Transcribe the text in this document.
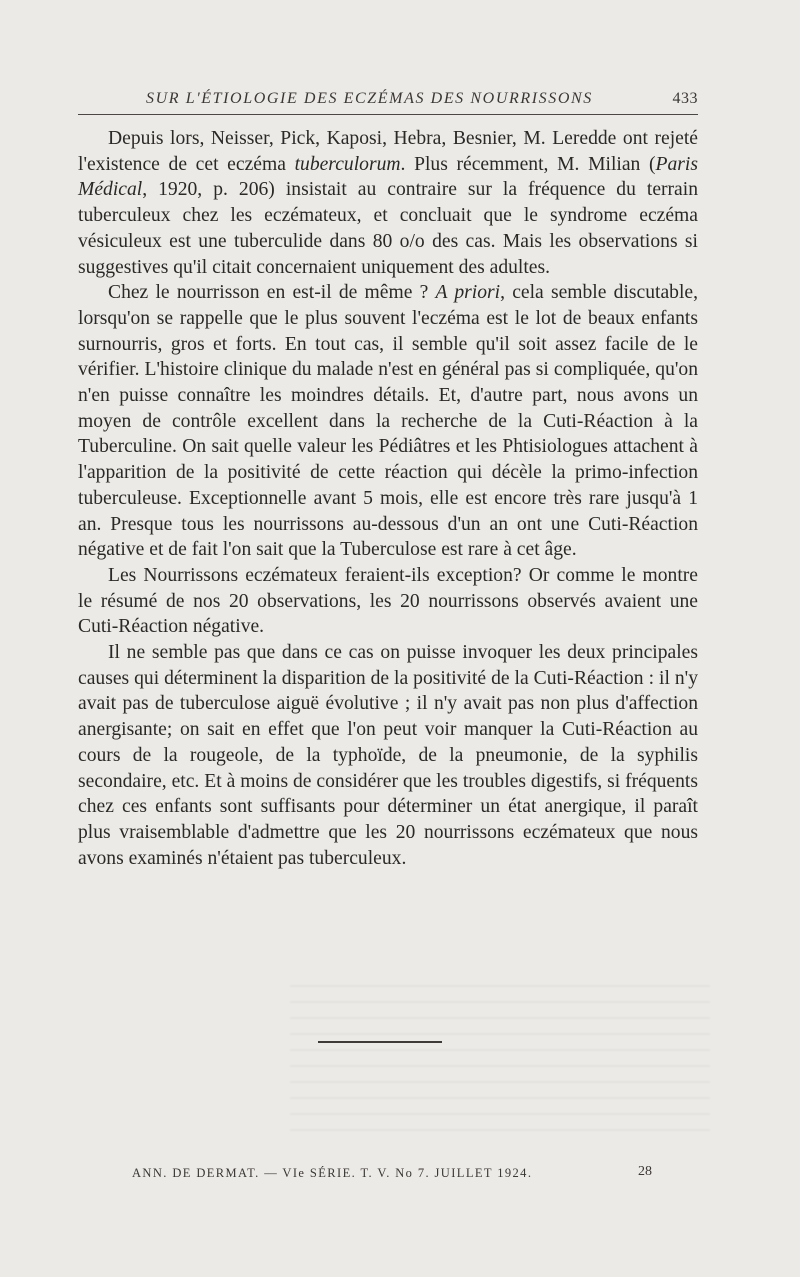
SUR L'ÉTIOLOGIE DES ECZÉMAS DES NOURRISSONS	433

Depuis lors, Neisser, Pick, Kaposi, Hebra, Besnier, M. Leredde ont rejeté l'existence de cet eczéma tuberculorum. Plus récemment, M. Milian (Paris Médical, 1920, p. 206) insistait au contraire sur la fréquence du terrain tuberculeux chez les eczémateux, et concluait que le syndrome eczéma vésiculeux est une tuberculide dans 80 o/o des cas. Mais les observations si suggestives qu'il citait concernaient uniquement des adultes.

Chez le nourrisson en est-il de même ? A priori, cela semble discutable, lorsqu'on se rappelle que le plus souvent l'eczéma est le lot de beaux enfants surnourris, gros et forts. En tout cas, il semble qu'il soit assez facile de le vérifier. L'histoire clinique du malade n'est en général pas si compliquée, qu'on n'en puisse connaître les moindres détails. Et, d'autre part, nous avons un moyen de contrôle excellent dans la recherche de la Cuti-Réaction à la Tuberculine. On sait quelle valeur les Pédiâtres et les Phtisiologues attachent à l'apparition de la positivité de cette réaction qui décèle la primo-infection tuberculeuse. Exceptionnelle avant 5 mois, elle est encore très rare jusqu'à 1 an. Presque tous les nourrissons au-dessous d'un an ont une Cuti-Réaction négative et de fait l'on sait que la Tuberculose est rare à cet âge.

Les Nourrissons eczémateux feraient-ils exception? Or comme le montre le résumé de nos 20 observations, les 20 nourrissons observés avaient une Cuti-Réaction négative.

Il ne semble pas que dans ce cas on puisse invoquer les deux principales causes qui déterminent la disparition de la positivité de la Cuti-Réaction : il n'y avait pas de tuberculose aiguë évolutive ; il n'y avait pas non plus d'affection anergisante; on sait en effet que l'on peut voir manquer la Cuti-Réaction au cours de la rougeole, de la typhoïde, de la pneumonie, de la syphilis secondaire, etc. Et à moins de considérer que les troubles digestifs, si fréquents chez ces enfants sont suffisants pour déterminer un état anergique, il paraît plus vraisemblable d'admettre que les 20 nourrissons eczémateux que nous avons examinés n'étaient pas tuberculeux.

ANN. DE DERMAT. — VIe SÉRIE. T. V. No 7. JUILLET 1924.	28
